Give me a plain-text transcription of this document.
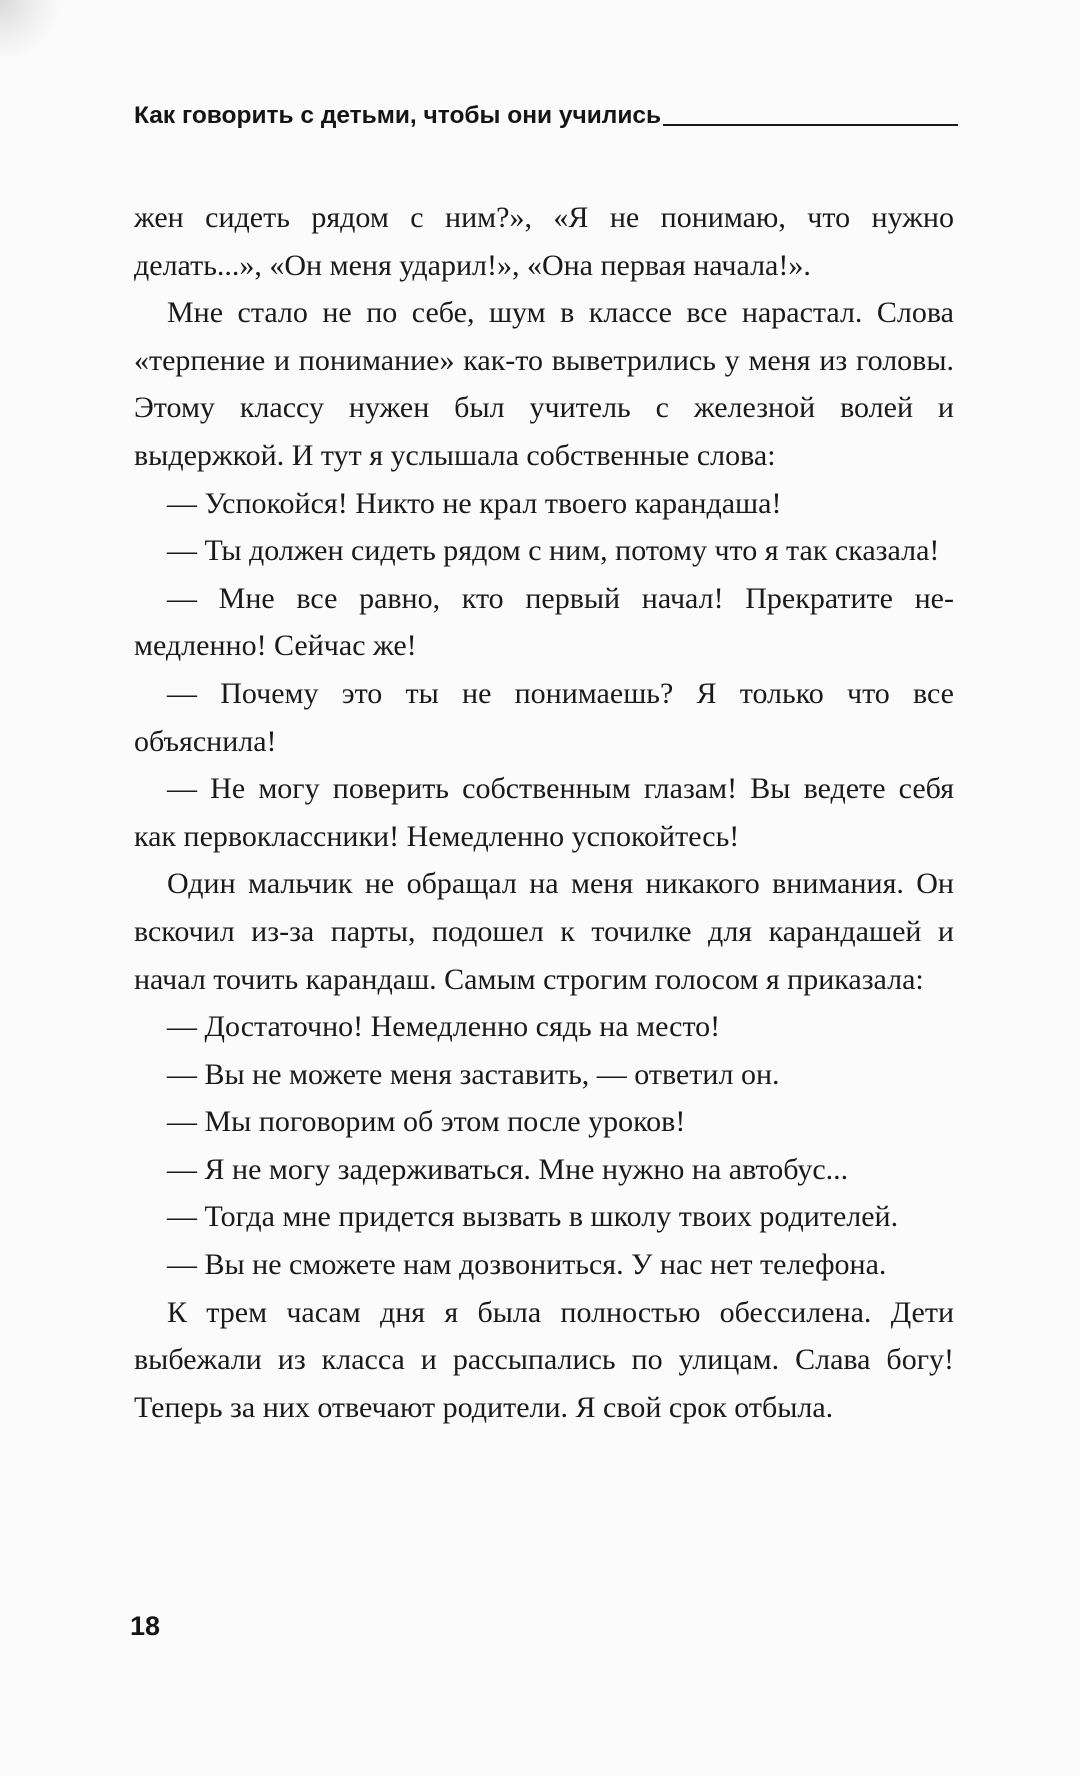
Как говорить с детьми, чтобы они учились

жен сидеть рядом с ним?», «Я не понимаю, что нужно делать...», «Он меня ударил!», «Она первая начала!».

Мне стало не по себе, шум в классе все нарастал. Слова «терпение и понимание» как-то выветрились у меня из головы. Этому классу нужен был учитель с железной волей и выдержкой. И тут я услышала собственные слова:

— Успокойся! Никто не крал твоего карандаша!

— Ты должен сидеть рядом с ним, потому что я так сказала!

— Мне все равно, кто первый начал! Прекратите немедленно! Сейчас же!

— Почему это ты не понимаешь? Я только что все объяснила!

— Не могу поверить собственным глазам! Вы ведете себя как первоклассники! Немедленно успокойтесь!

Один мальчик не обращал на меня никакого внимания. Он вскочил из-за парты, подошел к точилке для карандашей и начал точить карандаш. Самым строгим голосом я приказала:

— Достаточно! Немедленно сядь на место!

— Вы не можете меня заставить, — ответил он.

— Мы поговорим об этом после уроков!

— Я не могу задерживаться. Мне нужно на автобус...

— Тогда мне придется вызвать в школу твоих родителей.

— Вы не сможете нам дозвониться. У нас нет телефона.

К трем часам дня я была полностью обессилена. Дети выбежали из класса и рассыпались по улицам. Слава богу! Теперь за них отвечают родители. Я свой срок отбыла.

18
